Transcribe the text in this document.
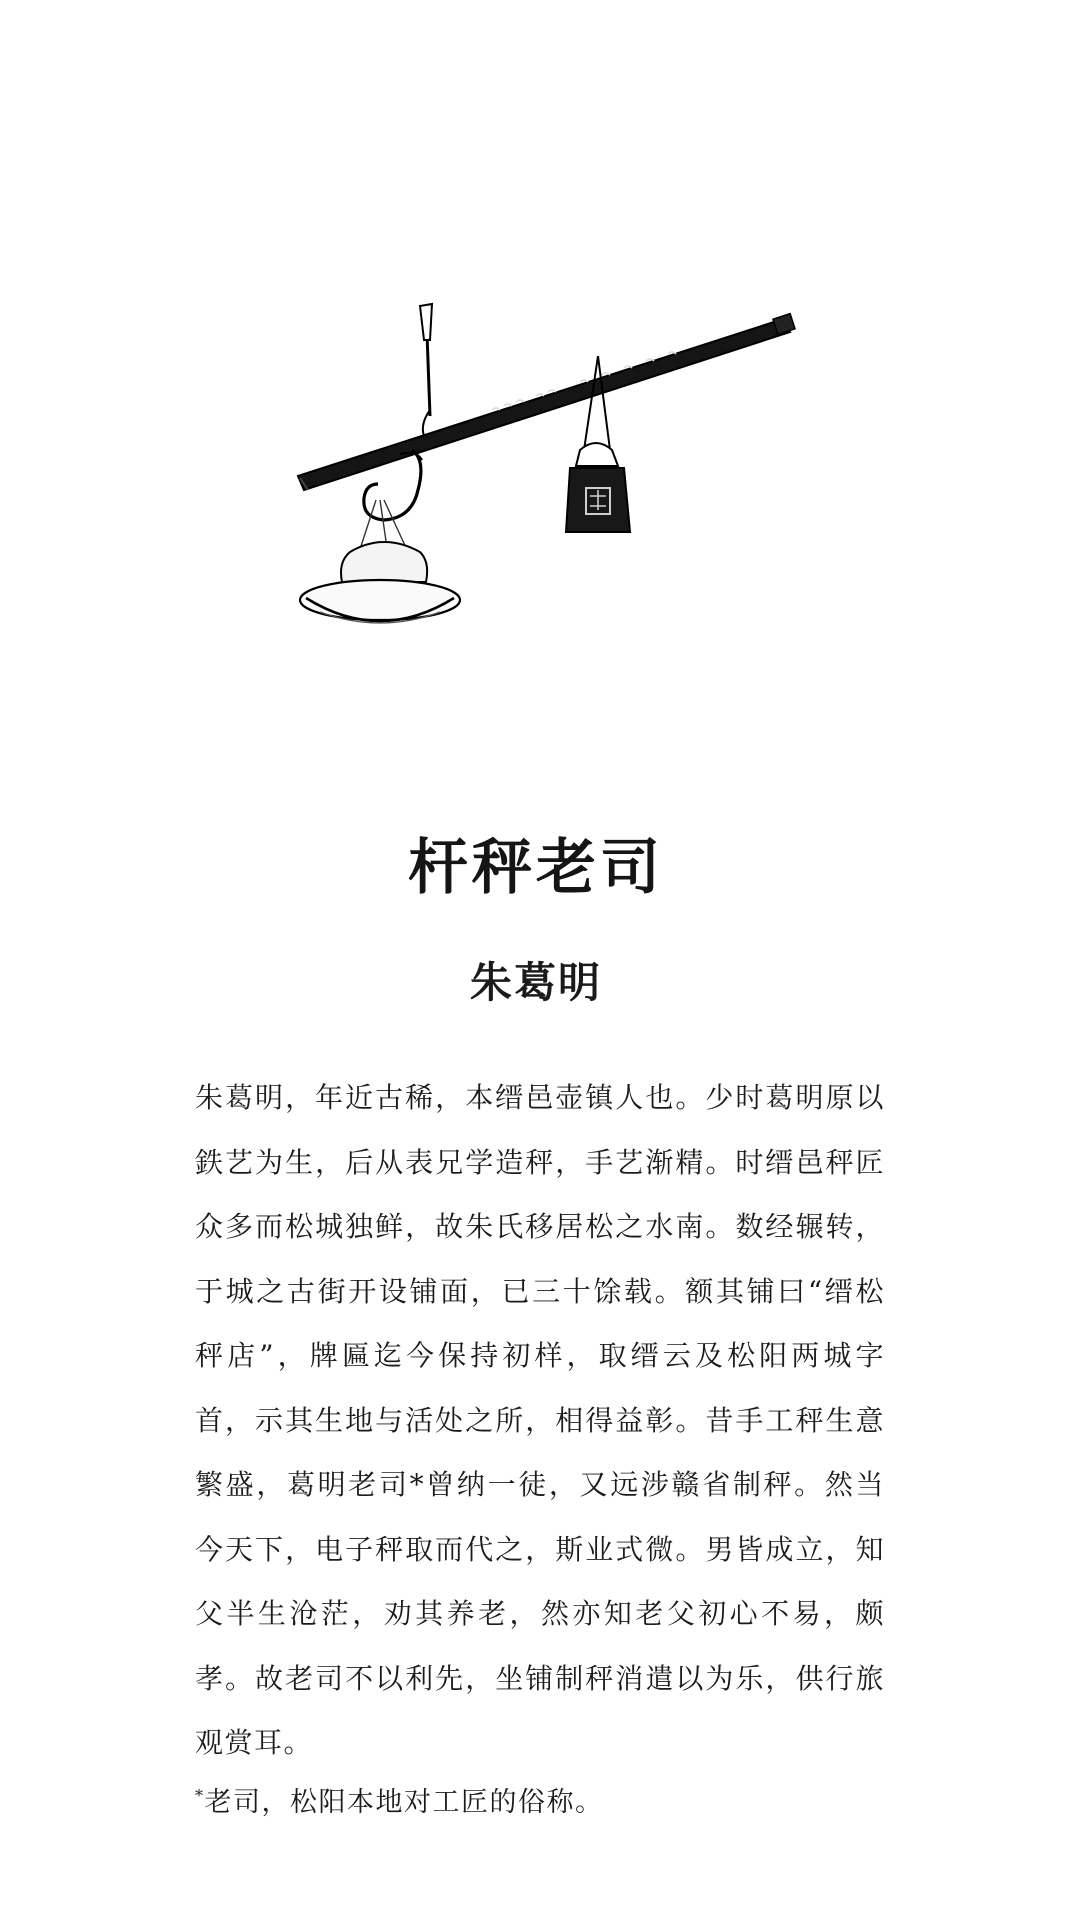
杆秤老司
朱葛明
朱葛明，年近古稀，本缙邑壶镇人也。少时葛明原以鉄艺为生，后从表兄学造秤，手艺渐精。时缙邑秤匠众多而松城独鲜，故朱氏移居松之水南。数经辗转，于城之古街开设铺面，已三十馀载。额其铺曰“缙松秤店”，牌匾迄今保持初样，取缙云及松阳两城字首，示其生地与活处之所，相得益彰。昔手工秤生意繁盛，葛明老司*曾纳一徒，又远涉赣省制秤。然当今天下，电子秤取而代之，斯业式微。男皆成立，知父半生沧茫，劝其养老，然亦知老父初心不易，颇孝。故老司不以利先，坐铺制秤消遣以为乐，供行旅观赏耳。
*老司，松阳本地对工匠的俗称。
